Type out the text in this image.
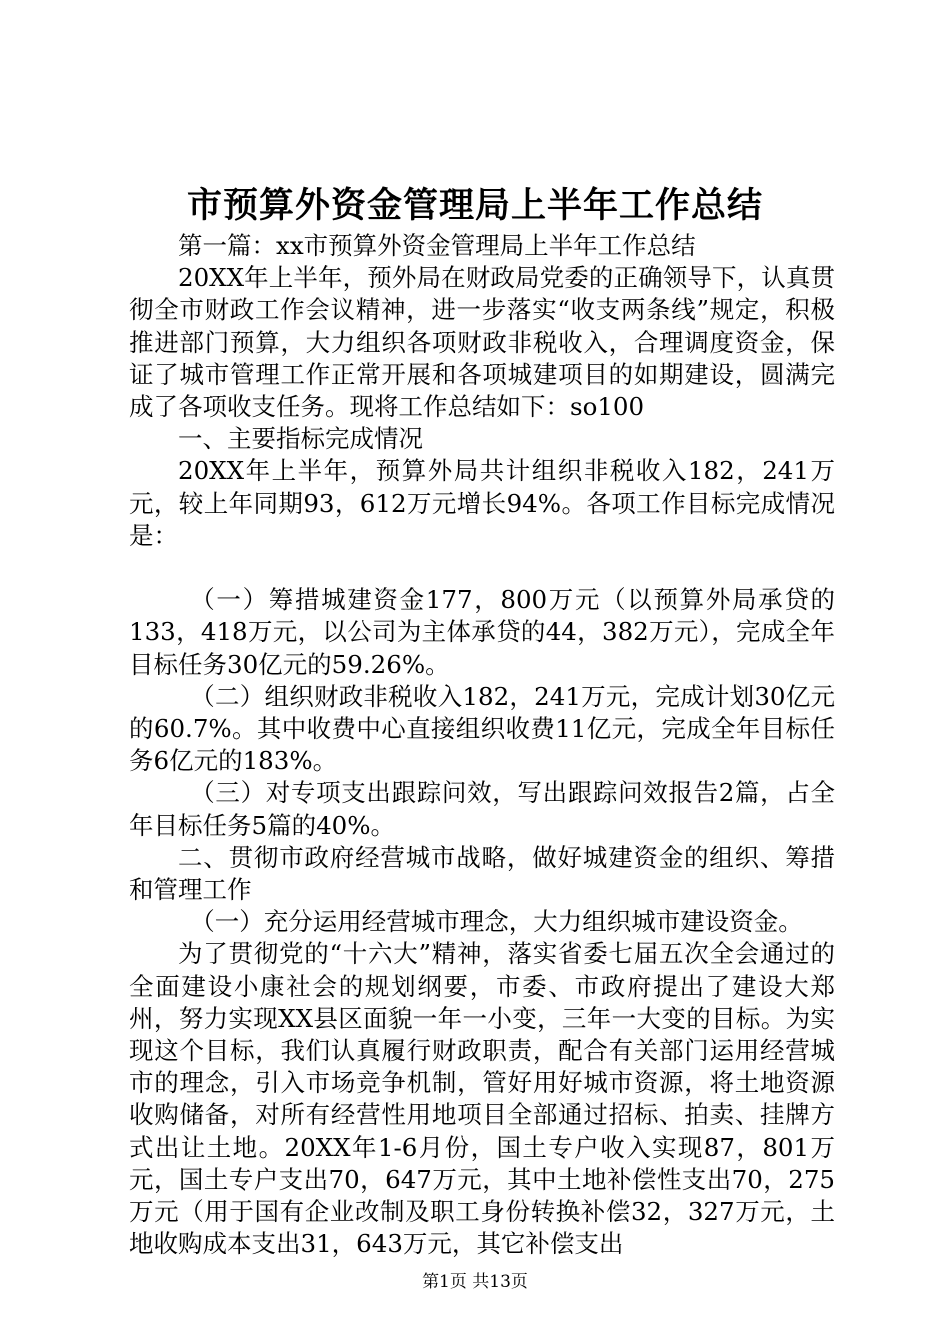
市预算外资金管理局上半年工作总结

第一篇：xx市预算外资金管理局上半年工作总结

20XX年上半年，预外局在财政局党委的正确领导下，认真贯彻全市财政工作会议精神，进一步落实“收支两条线”规定，积极推进部门预算，大力组织各项财政非税收入，合理调度资金，保证了城市管理工作正常开展和各项城建项目的如期建设，圆满完成了各项收支任务。现将工作总结如下：so100

一、主要指标完成情况

20XX年上半年，预算外局共计组织非税收入182，241万元，较上年同期93，612万元增长94%。各项工作目标完成情况是：

（一）筹措城建资金177，800万元（以预算外局承贷的133，418万元，以公司为主体承贷的44，382万元），完成全年目标任务30亿元的59.26%。

（二）组织财政非税收入182，241万元，完成计划30亿元的60.7%。其中收费中心直接组织收费11亿元，完成全年目标任务6亿元的183%。

（三）对专项支出跟踪问效，写出跟踪问效报告2篇，占全年目标任务5篇的40%。

二、贯彻市政府经营城市战略，做好城建资金的组织、筹措和管理工作

（一）充分运用经营城市理念，大力组织城市建设资金。

为了贯彻党的“十六大”精神，落实省委七届五次全会通过的全面建设小康社会的规划纲要，市委、市政府提出了建设大郑州，努力实现XX县区面貌一年一小变，三年一大变的目标。为实现这个目标，我们认真履行财政职责，配合有关部门运用经营城市的理念，引入市场竞争机制，管好用好城市资源，将土地资源收购储备，对所有经营性用地项目全部通过招标、拍卖、挂牌方式出让土地。20XX年1-6月份，国土专户收入实现87，801万元，国土专户支出70，647万元，其中土地补偿性支出70，275万元（用于国有企业改制及职工身份转换补偿32，327万元，土地收购成本支出31，643万元，其它补偿支出

第1页 共13页
